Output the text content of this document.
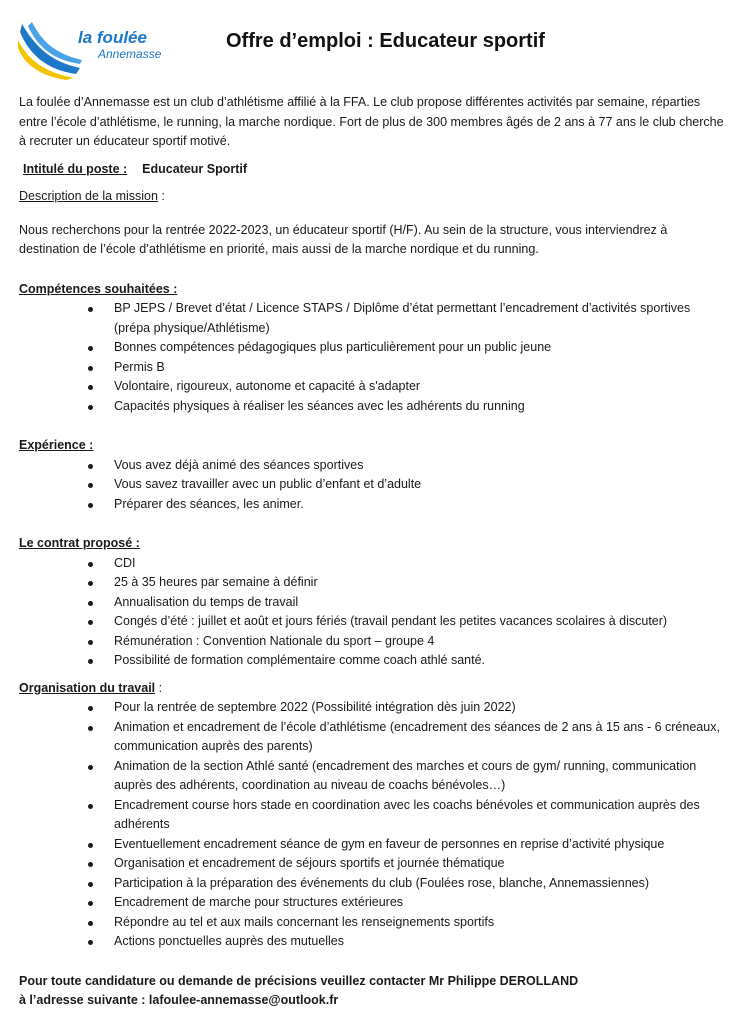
la foulée
Annemasse
Offre d’emploi : Educateur sportif

La foulée d’Annemasse est un club d’athlétisme affilié à la FFA. Le club propose différentes activités par semaine, réparties entre l’école d’athlétisme, le running, la marche nordique. Fort de plus de 300 membres âgés de 2 ans à 77 ans le club cherche à recruter un éducateur sportif motivé.

Intitulé du poste : Educateur Sportif

Description de la mission :

Nous recherchons pour la rentrée 2022-2023, un éducateur sportif (H/F). Au sein de la structure, vous interviendrez à destination de l’école d’athlétisme en priorité, mais aussi de la marche nordique et du running.

Compétences souhaitées :

BP JEPS / Brevet d’état / Licence STAPS / Diplôme d’état permettant l’encadrement d’activités sportives (prépa physique/Athlétisme)
Bonnes compétences pédagogiques plus particulièrement pour un public jeune
Permis B
Volontaire, rigoureux, autonome et capacité à s'adapter
Capacités physiques à réaliser les séances avec les adhérents du running

Expérience :

Vous avez déjà animé des séances sportives
Vous savez travailler avec un public d’enfant et d’adulte
Préparer des séances, les animer.

Le contrat proposé :

CDI
25 à 35 heures par semaine à définir
Annualisation du temps de travail
Congés d’été : juillet et août et jours fériés (travail pendant les petites vacances scolaires à discuter)
Rémunération : Convention Nationale du sport – groupe 4
Possibilité de formation complémentaire comme coach athlé santé.

Organisation du travail :

Pour la rentrée de septembre 2022 (Possibilité intégration dès juin 2022)
Animation et encadrement de l’école d’athlétisme (encadrement des séances de 2 ans à 15 ans - 6 créneaux, communication auprès des parents)
Animation de la section Athlé santé (encadrement des marches et cours de gym/ running, communication auprès des adhérents, coordination au niveau de coachs bénévoles…)
Encadrement course hors stade en coordination avec les coachs bénévoles et communication auprès des adhérents
Eventuellement encadrement séance de gym en faveur de personnes en reprise d’activité physique
Organisation et encadrement de séjours sportifs et journée thématique
Participation à la préparation des événements du club (Foulées rose, blanche, Annemassiennes)
Encadrement de marche pour structures extérieures
Répondre au tel et aux mails concernant les renseignements sportifs
Actions ponctuelles auprès des mutuelles

Pour toute candidature ou demande de précisions veuillez contacter Mr Philippe DEROLLAND

à l’adresse suivante : lafoulee-annemasse@outlook.fr
